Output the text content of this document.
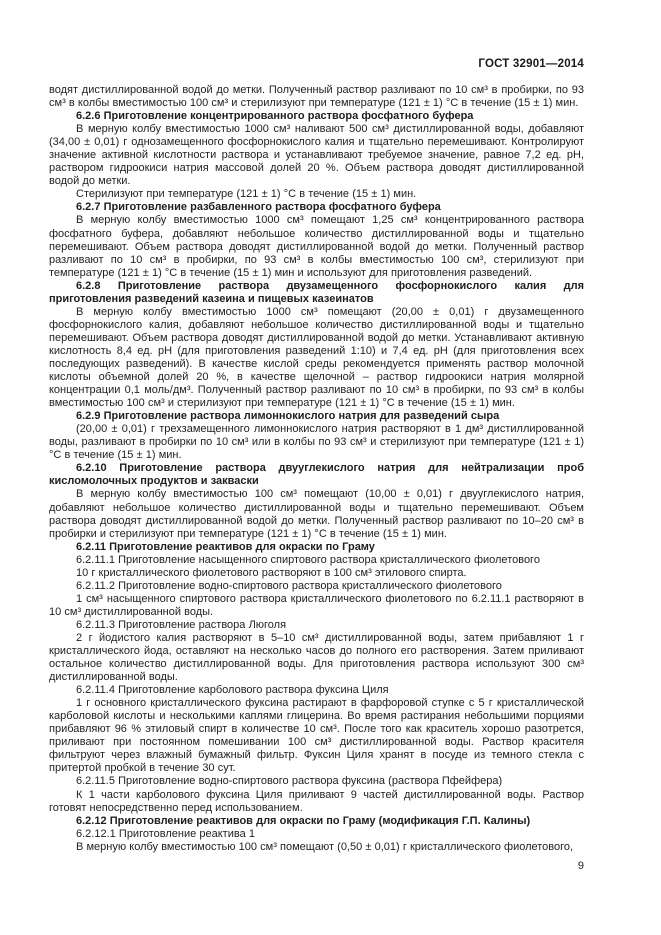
ГОСТ 32901—2014

водят дистиллированной водой до метки. Полученный раствор разливают по 10 см³ в пробирки, по 93 см³ в колбы вместимостью 100 см³ и стерилизуют при температуре (121 ± 1) °С в течение (15 ± 1) мин.

6.2.6 Приготовление концентрированного раствора фосфатного буфера

В мерную колбу вместимостью 1000 см³ наливают 500 см³ дистиллированной воды, добавляют (34,00 ± 0,01) г однозамещенного фосфорнокислого калия и тщательно перемешивают. Контролируют значение активной кислотности раствора и устанавливают требуемое значение, равное 7,2 ед. рН, раствором гидроокиси натрия массовой долей 20 %. Объем раствора доводят дистиллированной водой до метки.

Стерилизуют при температуре (121 ± 1) °С в течение (15 ± 1) мин.

6.2.7 Приготовление разбавленного раствора фосфатного буфера

В мерную колбу вместимостью 1000 см³ помещают 1,25 см³ концентрированного раствора фосфатного буфера, добавляют небольшое количество дистиллированной воды и тщательно перемешивают. Объем раствора доводят дистиллированной водой до метки. Полученный раствор разливают по 10 см³ в пробирки, по 93 см³ в колбы вместимостью 100 см³, стерилизуют при температуре (121 ± 1) °С в течение (15 ± 1) мин и используют для приготовления разведений.

6.2.8 Приготовление раствора двузамещенного фосфорнокислого калия для приготовления разведений казеина и пищевых казеинатов

В мерную колбу вместимостью 1000 см³ помещают (20,00 ± 0,01) г двузамещенного фосфорнокислого калия, добавляют небольшое количество дистиллированной воды и тщательно перемешивают. Объем раствора доводят дистиллированной водой до метки. Устанавливают активную кислотность 8,4 ед. рН (для приготовления разведений 1:10) и 7,4 ед. рН (для приготовления всех последующих разведений). В качестве кислой среды рекомендуется применять раствор молочной кислоты объемной долей 20 %, в качестве щелочной – раствор гидроокиси натрия молярной концентрации 0,1 моль/дм³. Полученный раствор разливают по 10 см³ в пробирки, по 93 см³ в колбы вместимостью 100 см³ и стерилизуют при температуре (121 ± 1) °С в течение (15 ± 1) мин.

6.2.9 Приготовление раствора лимоннокислого натрия для разведений сыра

(20,00 ± 0,01) г трехзамещенного лимоннокислого натрия растворяют в 1 дм³ дистиллированной воды, разливают в пробирки по 10 см³ или в колбы по 93 см³ и стерилизуют при температуре (121 ± 1) °С в течение (15 ± 1) мин.

6.2.10 Приготовление раствора двууглекислого натрия для нейтрализации проб кисломолочных продуктов и закваски

В мерную колбу вместимостью 100 см³ помещают (10,00 ± 0,01) г двууглекислого натрия, добавляют небольшое количество дистиллированной воды и тщательно перемешивают. Объем раствора доводят дистиллированной водой до метки. Полученный раствор разливают по 10–20 см³ в пробирки и стерилизуют при температуре (121 ± 1) °С в течение (15 ± 1) мин.

6.2.11 Приготовление реактивов для окраски по Граму

6.2.11.1 Приготовление насыщенного спиртового раствора кристаллического фиолетового

10 г кристаллического фиолетового растворяют в 100 см³ этилового спирта.

6.2.11.2 Приготовление водно-спиртового раствора кристаллического фиолетового

1 см³ насыщенного спиртового раствора кристаллического фиолетового по 6.2.11.1 растворяют в 10 см³ дистиллированной воды.

6.2.11.3 Приготовление раствора Люголя

2 г йодистого калия растворяют в 5–10 см³ дистиллированной воды, затем прибавляют 1 г кристаллического йода, оставляют на несколько часов до полного его растворения. Затем приливают остальное количество дистиллированной воды. Для приготовления раствора используют 300 см³ дистиллированной воды.

6.2.11.4 Приготовление карболового раствора фуксина Циля

1 г основного кристаллического фуксина растирают в фарфоровой ступке с 5 г кристаллической карболовой кислоты и несколькими каплями глицерина. Во время растирания небольшими порциями прибавляют 96 % этиловый спирт в количестве 10 см³. После того как краситель хорошо разотрется, приливают при постоянном помешивании 100 см³ дистиллированной воды. Раствор красителя фильтруют через влажный бумажный фильтр. Фуксин Циля хранят в посуде из темного стекла с притертой пробкой в течение 30 сут.

6.2.11.5 Приготовление водно-спиртового раствора фуксина (раствора Пфейфера)

К 1 части карболового фуксина Циля приливают 9 частей дистиллированной воды. Раствор готовят непосредственно перед использованием.

6.2.12 Приготовление реактивов для окраски по Граму (модификация Г.П. Калины)

6.2.12.1 Приготовление реактива 1

В мерную колбу вместимостью 100 см³ помещают (0,50 ± 0,01) г кристаллического фиолетового,

9
